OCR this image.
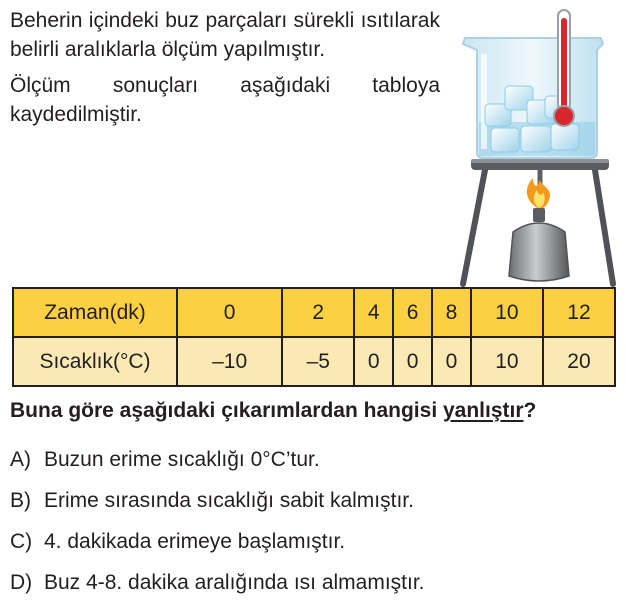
Beherin içindeki buz parçaları sürekli ısıtılarak belirli aralıklarla ölçüm yapılmıştır.

Ölçüm sonuçları aşağıdaki tabloya kaydedilmiştir.

Zaman(dk)	0	2	4	6	8	10	12
Sıcaklık(°C)	–10	–5	0	0	0	10	20
Buna göre aşağıdaki çıkarımlardan hangisi yanlıştır?
A) Buzun erime sıcaklığı 0°C’tur.
B) Erime sırasında sıcaklığı sabit kalmıştır.
C) 4. dakikada erimeye başlamıştır.
D) Buz 4-8. dakika aralığında ısı almamıştır.
